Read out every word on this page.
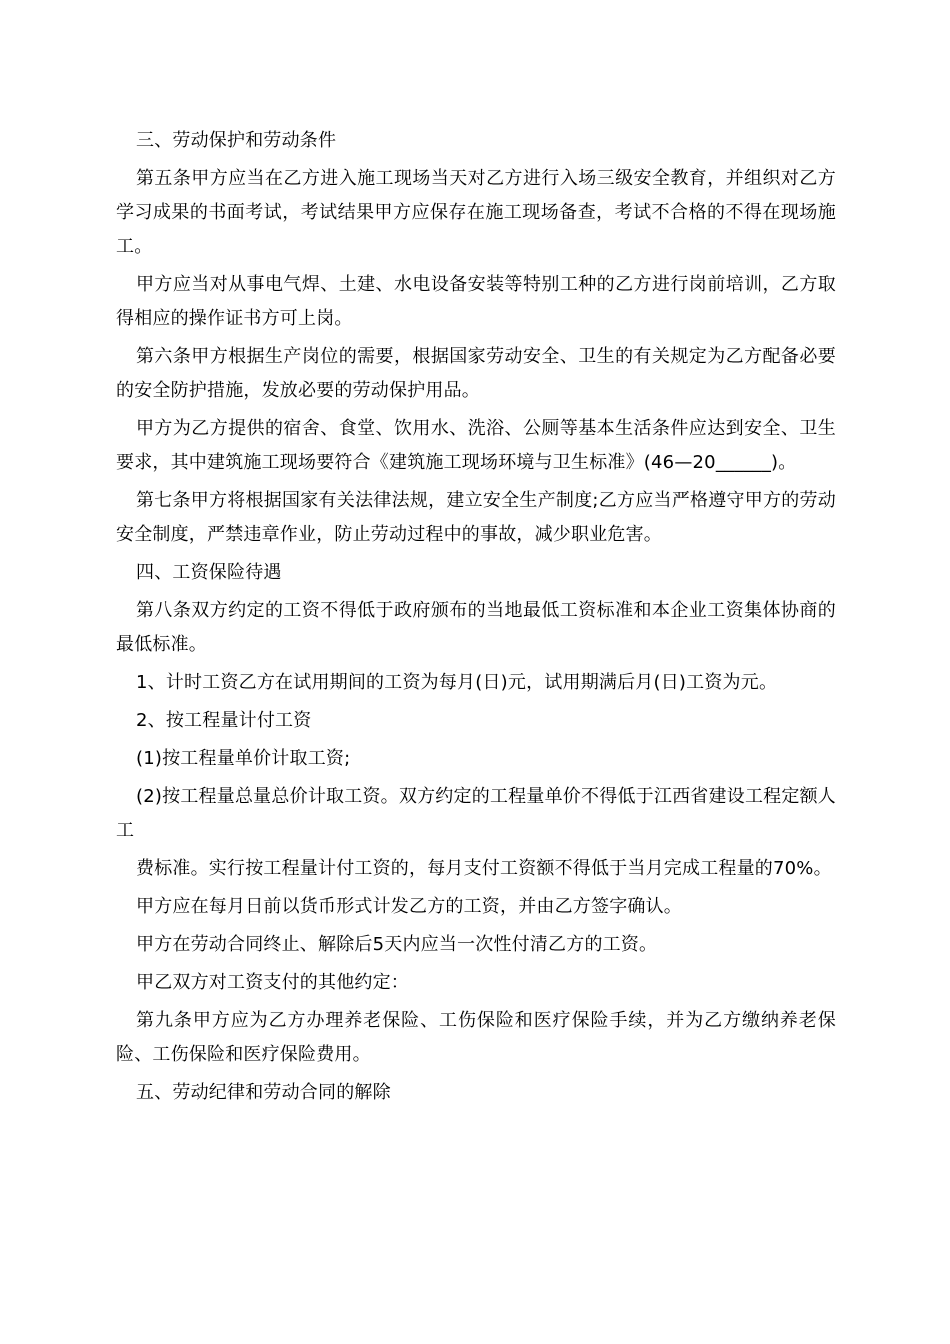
三、劳动保护和劳动条件

第五条甲方应当在乙方进入施工现场当天对乙方进行入场三级安全教育，并组织对乙方学习成果的书面考试，考试结果甲方应保存在施工现场备查，考试不合格的不得在现场施工。

甲方应当对从事电气焊、土建、水电设备安装等特别工种的乙方进行岗前培训，乙方取得相应的操作证书方可上岗。

第六条甲方根据生产岗位的需要，根据国家劳动安全、卫生的有关规定为乙方配备必要的安全防护措施，发放必要的劳动保护用品。

甲方为乙方提供的宿舍、食堂、饮用水、洗浴、公厕等基本生活条件应达到安全、卫生要求，其中建筑施工现场要符合《建筑施工现场环境与卫生标准》(46—20______)。

第七条甲方将根据国家有关法律法规，建立安全生产制度;乙方应当严格遵守甲方的劳动安全制度，严禁违章作业，防止劳动过程中的事故，减少职业危害。

四、工资保险待遇

第八条双方约定的工资不得低于政府颁布的当地最低工资标准和本企业工资集体协商的最低标准。

1、计时工资乙方在试用期间的工资为每月(日)元，试用期满后月(日)工资为元。

2、按工程量计付工资

(1)按工程量单价计取工资;

(2)按工程量总量总价计取工资。双方约定的工程量单价不得低于江西省建设工程定额人工

费标准。实行按工程量计付工资的，每月支付工资额不得低于当月完成工程量的70%。

甲方应在每月日前以货币形式计发乙方的工资，并由乙方签字确认。

甲方在劳动合同终止、解除后5天内应当一次性付清乙方的工资。

甲乙双方对工资支付的其他约定：

第九条甲方应为乙方办理养老保险、工伤保险和医疗保险手续，并为乙方缴纳养老保险、工伤保险和医疗保险费用。

五、劳动纪律和劳动合同的解除
